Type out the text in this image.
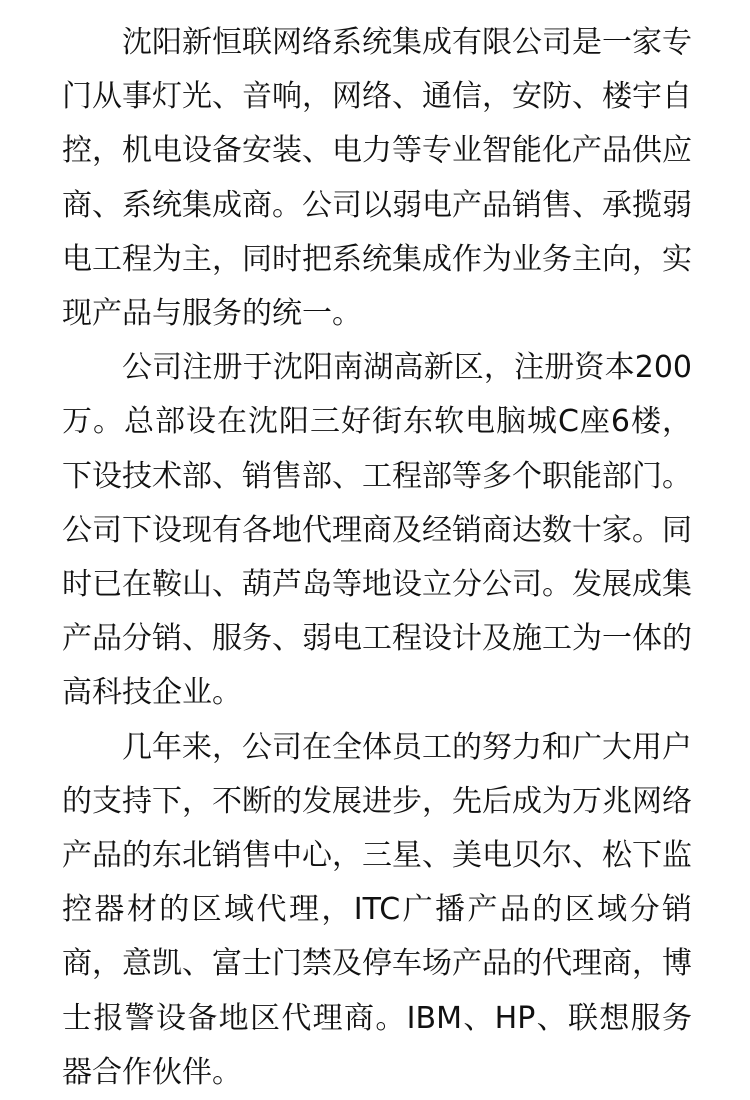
沈阳新恒联网络系统集成有限公司是一家专门从事灯光、音响，网络、通信，安防、楼宇自控，机电设备安装、电力等专业智能化产品供应商、系统集成商。公司以弱电产品销售、承揽弱电工程为主，同时把系统集成作为业务主向，实现产品与服务的统一。

公司注册于沈阳南湖高新区，注册资本200万。总部设在沈阳三好街东软电脑城C座6楼，下设技术部、销售部、工程部等多个职能部门。公司下设现有各地代理商及经销商达数十家。同时已在鞍山、葫芦岛等地设立分公司。发展成集产品分销、服务、弱电工程设计及施工为一体的高科技企业。

几年来，公司在全体员工的努力和广大用户的支持下，不断的发展进步，先后成为万兆网络产品的东北销售中心，三星、美电贝尔、松下监控器材的区域代理，ITC广播产品的区域分销商，意凯、富士门禁及停车场产品的代理商，博士报警设备地区代理商。IBM、HP、联想服务器合作伙伴。
